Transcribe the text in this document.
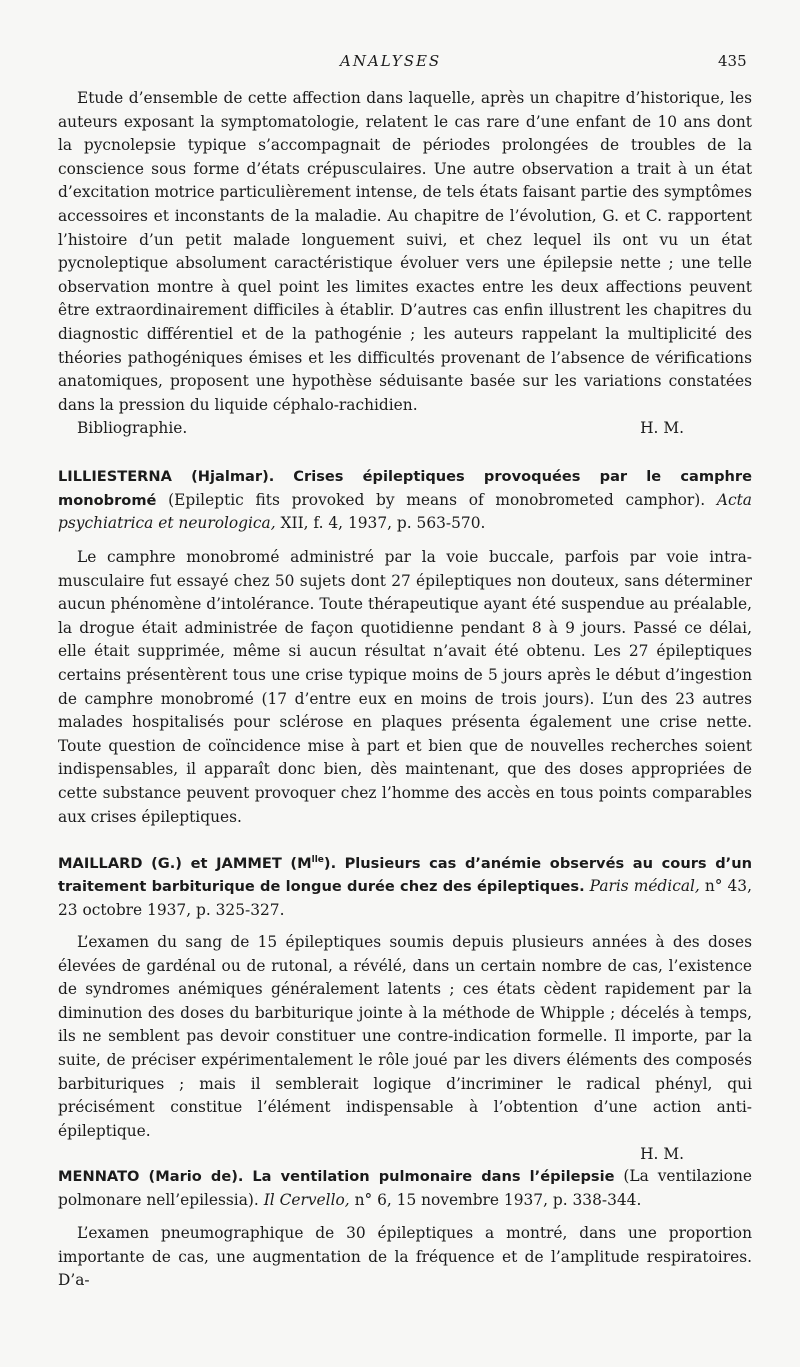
ANALYSES	435

Etude d’ensemble de cette affection dans laquelle, après un chapitre d’historique, les auteurs exposant la symptomatologie, relatent le cas rare d’une enfant de 10 ans dont la pycnolepsie typique s’accompagnait de périodes prolongées de troubles de la conscience sous forme d’états crépusculaires. Une autre observation a trait à un état d’excitation motrice particulièrement intense, de tels états faisant partie des symptômes accessoires et inconstants de la maladie. Au chapitre de l’évolution, G. et C. rapportent l’histoire d’un petit malade longuement suivi, et chez lequel ils ont vu un état pycnoleptique absolument caractéristique évoluer vers une épilepsie nette ; une telle observation montre à quel point les limites exactes entre les deux affections peuvent être extraordinairement difficiles à établir. D’autres cas enfin illustrent les chapitres du diagnostic différentiel et de la pathogénie ; les auteurs rappelant la multiplicité des théories pathogéniques émises et les difficultés provenant de l’absence de vérifications anatomiques, proposent une hypothèse séduisante basée sur les variations constatées dans la pression du liquide céphalo-rachidien.

Bibliographie.	H. M.

LILLIESTERNA (Hjalmar). Crises épileptiques provoquées par le camphre monobromé (Epileptic fits provoked by means of monobrometed camphor). Acta psychiatrica et neurologica, XII, f. 4, 1937, p. 563-570.

Le camphre monobromé administré par la voie buccale, parfois par voie intra-musculaire fut essayé chez 50 sujets dont 27 épileptiques non douteux, sans déterminer aucun phénomène d’intolérance. Toute thérapeutique ayant été suspendue au préalable, la drogue était administrée de façon quotidienne pendant 8 à 9 jours. Passé ce délai, elle était supprimée, même si aucun résultat n’avait été obtenu. Les 27 épileptiques certains présentèrent tous une crise typique moins de 5 jours après le début d’ingestion de camphre monobromé (17 d’entre eux en moins de trois jours). L’un des 23 autres malades hospitalisés pour sclérose en plaques présenta également une crise nette. Toute question de coïncidence mise à part et bien que de nouvelles recherches soient indispensables, il apparaît donc bien, dès maintenant, que des doses appropriées de cette substance peuvent provoquer chez l’homme des accès en tous points comparables aux crises épileptiques.

MAILLARD (G.) et JAMMET $(M^{lle})$. Plusieurs cas d’anémie observés au cours d’un traitement barbiturique de longue durée chez des épileptiques. Paris médical, n° 43, 23 octobre 1937, p. 325-327.

L’examen du sang de 15 épileptiques soumis depuis plusieurs années à des doses élevées de gardénal ou de rutonal, a révélé, dans un certain nombre de cas, l’existence de syndromes anémiques généralement latents ; ces états cèdent rapidement par la diminution des doses du barbiturique jointe à la méthode de Whipple ; décelés à temps, ils ne semblent pas devoir constituer une contre-indication formelle. Il importe, par la suite, de préciser expérimentalement le rôle joué par les divers éléments des composés barbituriques ; mais il semblerait logique d’incriminer le radical phényl, qui précisément constitue l’élément indispensable à l’obtention d’une action anti-épileptique.

H. M.

MENNATO (Mario de). La ventilation pulmonaire dans l’épilepsie (La ventilazione polmonare nell’epilessia). Il Cervello, n° 6, 15 novembre 1937, p. 338-344.

L’examen pneumographique de 30 épileptiques a montré, dans une proportion importante de cas, une augmentation de la fréquence et de l’amplitude respiratoires. D’a-
